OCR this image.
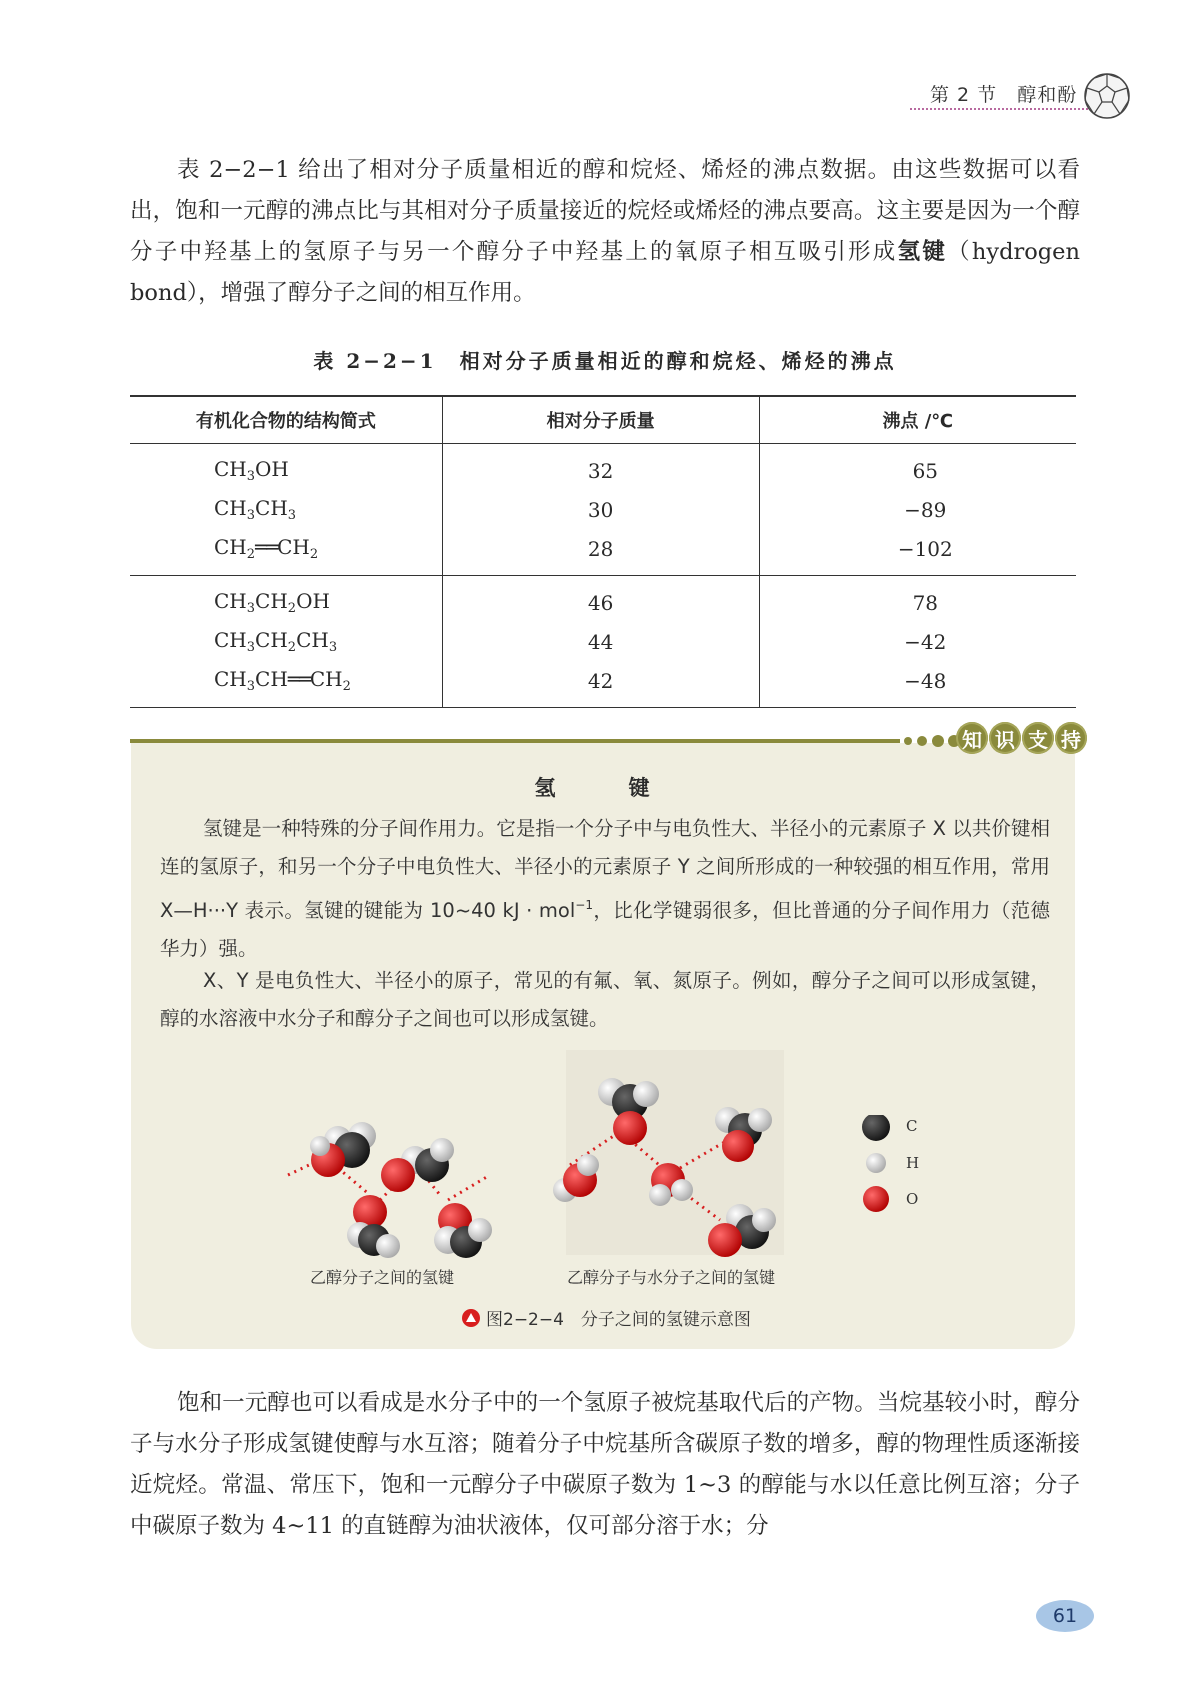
第 2 节　 醇和酚

表 2−2−1 给出了相对分子质量相近的醇和烷烃、烯烃的沸点数据。由这些数据可以看出，饱和一元醇的沸点比与其相对分子质量接近的烷烃或烯烃的沸点要高。这主要是因为一个醇分子中羟基上的氢原子与另一个醇分子中羟基上的氧原子相互吸引形成氢键（hydrogen bond），增强了醇分子之间的相互作用。

表 2−2−1　相对分子质量相近的醇和烷烃、烯烃的沸点
有机化合物的结构简式	相对分子质量	沸点 /℃
$CH_3OH$	32	65
$CH_3CH_3$	30	−89
$CH_2══CH_2$	28	−102
$CH_3CH_2OH$	46	78
$CH_3CH_2CH_3$	44	−42
$CH_3CH══CH_2$	42	−48
知 识 支 持
氢　键

氢键是一种特殊的分子间作用力。它是指一个分子中与电负性大、半径小的元素原子 X 以共价键相连的氢原子，和另一个分子中电负性大、半径小的元素原子 Y 之间所形成的一种较强的相互作用，常用 X—H···Y 表示。氢键的键能为 10~40 kJ · mol$^{-1}$，比化学键弱很多，但比普通的分子间作用力（范德华力）强。

X、Y 是电负性大、半径小的原子，常见的有氟、氧、氮原子。例如，醇分子之间可以形成氢键，醇的水溶液中水分子和醇分子之间也可以形成氢键。

C
H
O
乙醇分子之间的氢键	乙醇分子与水分子之间的氢键
图2−2−4　分子之间的氢键示意图

饱和一元醇也可以看成是水分子中的一个氢原子被烷基取代后的产物。当烷基较小时，醇分子与水分子形成氢键使醇与水互溶；随着分子中烷基所含碳原子数的增多，醇的物理性质逐渐接近烷烃。常温、常压下，饱和一元醇分子中碳原子数为 1~3 的醇能与水以任意比例互溶；分子中碳原子数为 4~11 的直链醇为油状液体，仅可部分溶于水；分

61
